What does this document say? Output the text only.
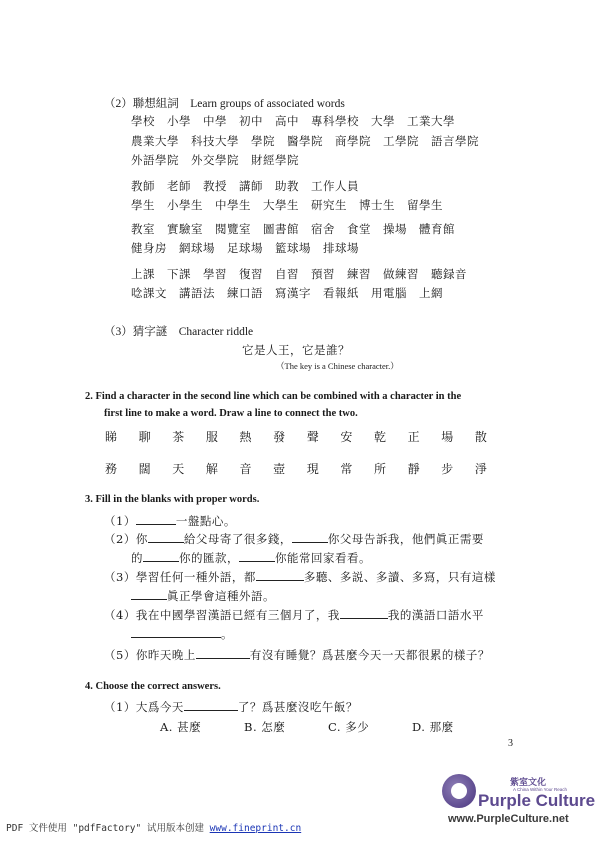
（2）聯想組詞　Learn groups of associated words
學校　小學　中學　初中　高中　專科學校　大學　工業大學
農業大學　科技大學　學院　醫學院　商學院　工學院　語言學院
外語學院　外交學院　財經學院
教師　老師　教授　講師　助教　工作人員
學生　小學生　中學生　大學生　研究生　博士生　留學生
教室　實驗室　閱覽室　圖書館　宿舍　食堂　操場　體育館
健身房　網球場　足球場　籃球場　排球場
上課　下課　學習　復習　自習　預習　練習　做練習　聽録音
唸課文　講語法　練口語　寫漢字　看報紙　用電腦　上網
（3）猜字謎　Character riddle
它是人王，它是誰？
（The key is a Chinese character.）
2. Find a character in the second line which can be combined with a character in the
first line to make a word. Draw a line to connect the two.
睇 聊 茶 服 熱 發 聲 安 乾 正 場 散
務 闊 天 解 音 壺 現 常 所 靜 步 淨
3. Fill in the blanks with proper words.
（1）	一盤點心。
（2）你	給父母寄了很多錢，	你父母告訴我，他們眞正需要
的	你的匯款，	你能常回家看看。
（3）學習任何一種外語，都	多聽、多説、多讀、多寫，只有這樣
眞正學會這種外語。
（4）我在中國學習漢語已經有三個月了，我	我的漢語口語水平
。
（5）你昨天晚上	有沒有睡覺？爲甚麼今天一天都很累的樣子？
4. Choose the correct answers.
（1）大爲今天	了？爲甚麼沒吃午飯？
A. 甚麼	B. 怎麼	C. 多少	D. 那麼
3
紫室文化
A China Within Your Reach
Purple Culture
www.PurpleCulture.net
PDF 文件使用 "pdfFactory" 试用版本创建 www.fineprint.cn
